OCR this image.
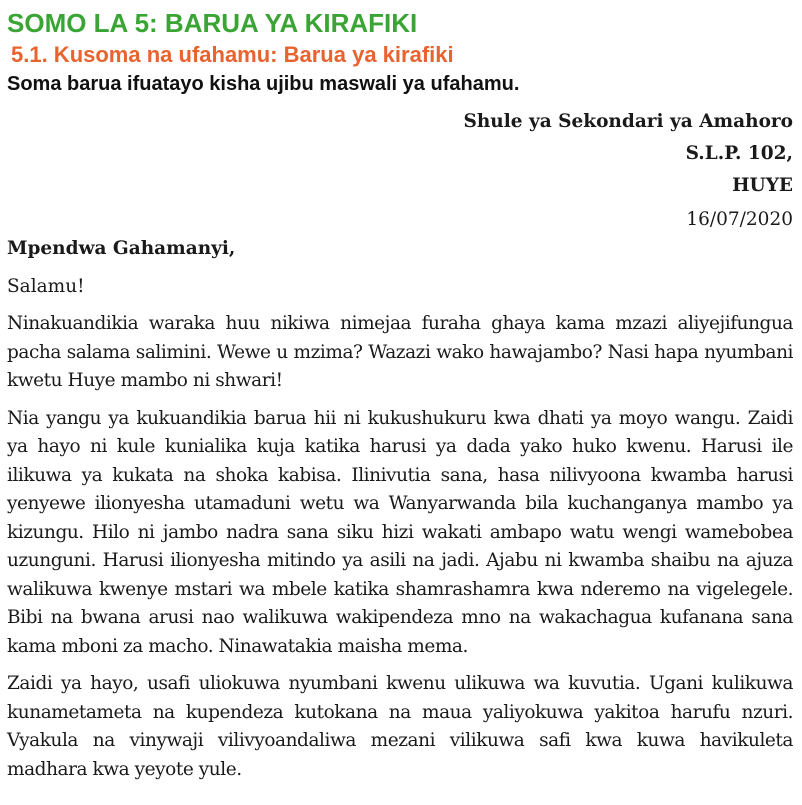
SOMO LA 5: BARUA YA KIRAFIKI
5.1. Kusoma na ufahamu: Barua ya kirafiki

Soma barua ifuatayo kisha ujibu maswali ya ufahamu.

Shule ya Sekondari ya Amahoro
S.L.P. 102,
HUYE
16/07/2020

Mpendwa Gahamanyi,

Salamu!

Ninakuandikia waraka huu nikiwa nimejaa furaha ghaya kama mzazi aliyejifungua pacha salama salimini. Wewe u mzima? Wazazi wako hawajambo? Nasi hapa nyumbani kwetu Huye mambo ni shwari!

Nia yangu ya kukuandikia barua hii ni kukushukuru kwa dhati ya moyo wangu. Zaidi ya hayo ni kule kunialika kuja katika harusi ya dada yako huko kwenu. Harusi ile ilikuwa ya kukata na shoka kabisa. Ilinivutia sana, hasa nilivyoona kwamba harusi yenyewe ilionyesha utamaduni wetu wa Wanyarwanda bila kuchanganya mambo ya kizungu. Hilo ni jambo nadra sana siku hizi wakati ambapo watu wengi wamebobea uzunguni. Harusi ilionyesha mitindo ya asili na jadi. Ajabu ni kwamba shaibu na ajuza walikuwa kwenye mstari wa mbele katika shamrashamra kwa nderemo na vigelegele. Bibi na bwana arusi nao walikuwa wakipendeza mno na wakachagua kufanana sana kama mboni za macho. Ninawatakia maisha mema.

Zaidi ya hayo, usafi uliokuwa nyumbani kwenu ulikuwa wa kuvutia. Ugani kulikuwa kunametameta na kupendeza kutokana na maua yaliyokuwa yakitoa harufu nzuri. Vyakula na vinywaji vilivyoandaliwa mezani vilikuwa safi kwa kuwa havikuleta madhara kwa yeyote yule.
